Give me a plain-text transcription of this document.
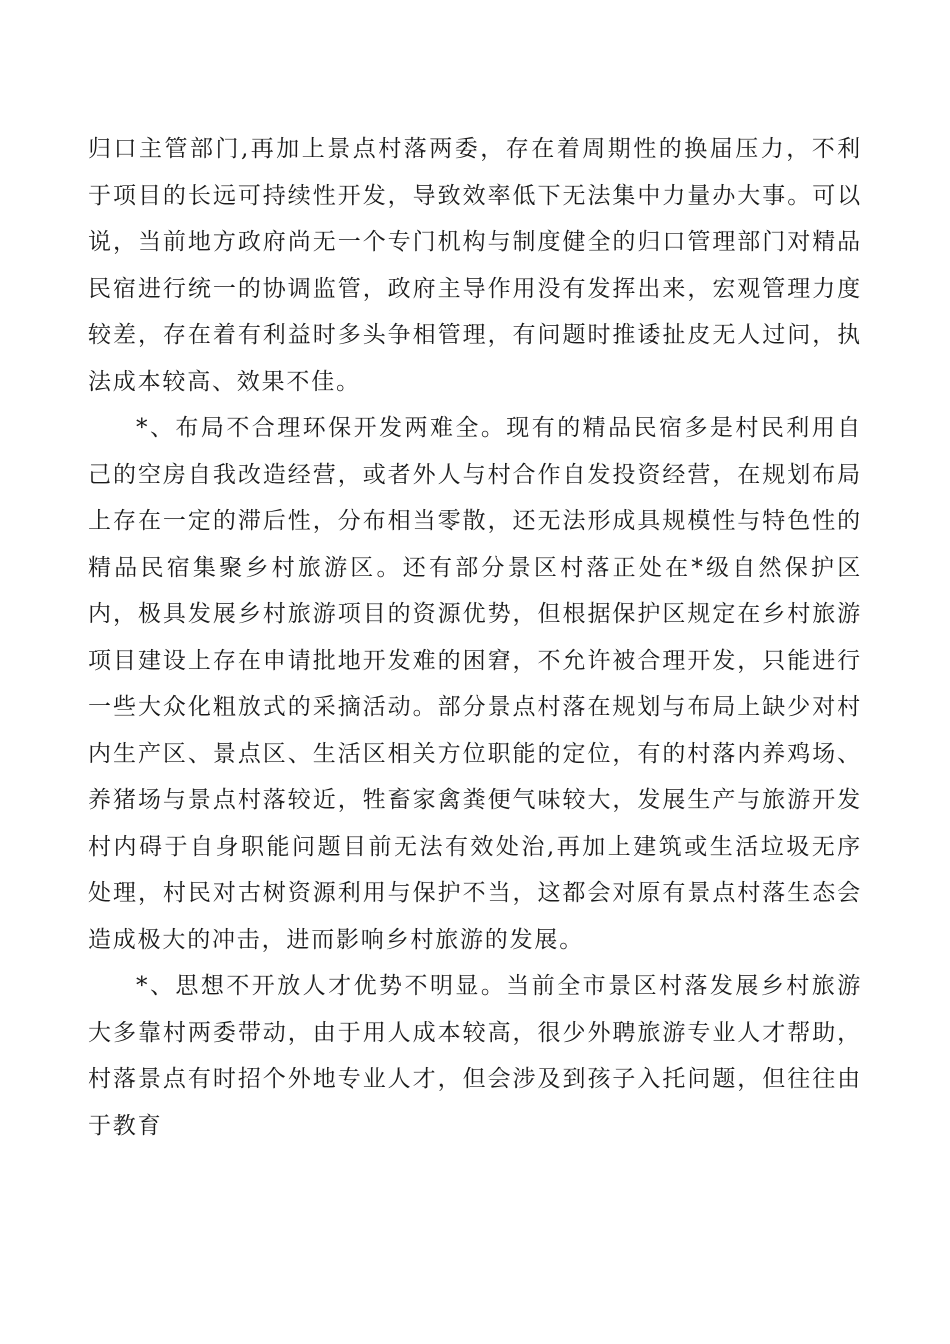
归口主管部门,再加上景点村落两委，存在着周期性的换届压力，不利于项目的长远可持续性开发，导致效率低下无法集中力量办大事。可以说，当前地方政府尚无一个专门机构与制度健全的归口管理部门对精品民宿进行统一的协调监管，政府主导作用没有发挥出来，宏观管理力度较差，存在着有利益时多头争相管理，有问题时推诿扯皮无人过问，执法成本较高、效果不佳。

*、布局不合理环保开发两难全。现有的精品民宿多是村民利用自己的空房自我改造经营，或者外人与村合作自发投资经营，在规划布局上存在一定的滞后性，分布相当零散，还无法形成具规模性与特色性的精品民宿集聚乡村旅游区。还有部分景区村落正处在*级自然保护区内，极具发展乡村旅游项目的资源优势，但根据保护区规定在乡村旅游项目建设上存在申请批地开发难的困窘，不允许被合理开发，只能进行一些大众化粗放式的采摘活动。部分景点村落在规划与布局上缺少对村内生产区、景点区、生活区相关方位职能的定位，有的村落内养鸡场、养猪场与景点村落较近，牲畜家禽粪便气味较大，发展生产与旅游开发村内碍于自身职能问题目前无法有效处治,再加上建筑或生活垃圾无序处理，村民对古树资源利用与保护不当，这都会对原有景点村落生态会造成极大的冲击，进而影响乡村旅游的发展。

*、思想不开放人才优势不明显。当前全市景区村落发展乡村旅游大多靠村两委带动，由于用人成本较高，很少外聘旅游专业人才帮助，村落景点有时招个外地专业人才，但会涉及到孩子入托问题，但往往由于教育
